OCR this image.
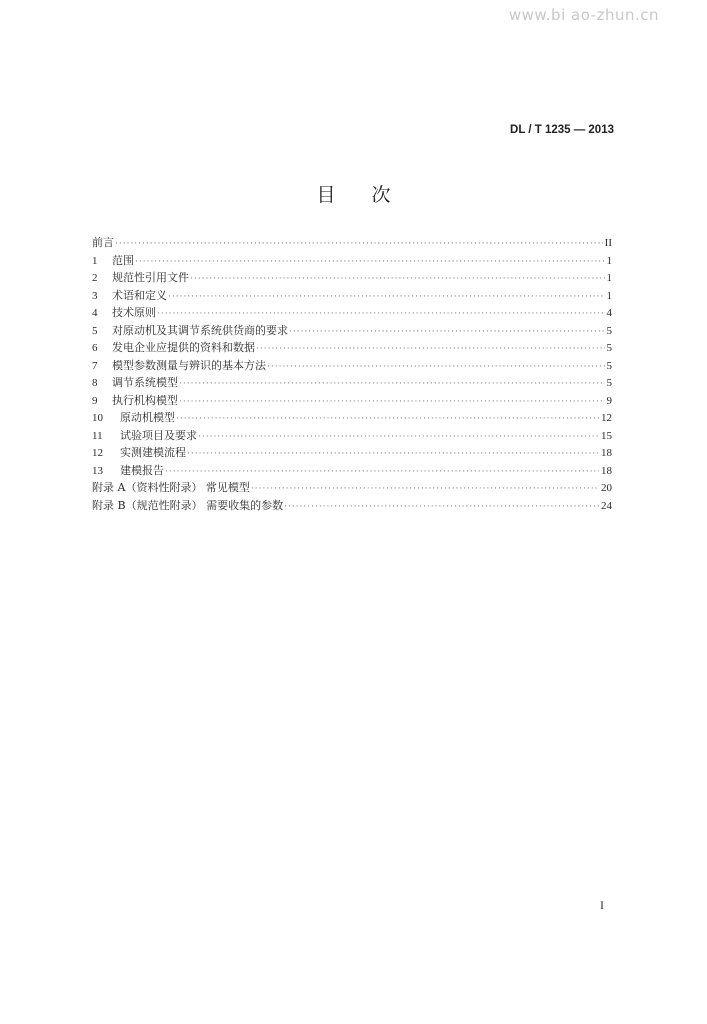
www.bi ao-zhun.cn
DL / T 1235 — 2013
目 次
前言 ·····	II
1	范围 ·····	1
2	规范性引用文件 ·····	1
3	术语和定义 ·····	1
4	技术原则 ·····	4
5	对原动机及其调节系统供货商的要求 ·····	5
6	发电企业应提供的资料和数据 ·····	5
7	模型参数测量与辨识的基本方法 ·····	5
8	调节系统模型 ·····	5
9	执行机构模型 ·····	9
10	原动机模型 ·····	12
11	试验项目及要求 ·····	15
12	实测建模流程 ·····	18
13	建模报告 ·····	18
附录 A（资料性附录） 常见模型 ·····	20
附录 B（规范性附录） 需要收集的参数 ·····	24
I
